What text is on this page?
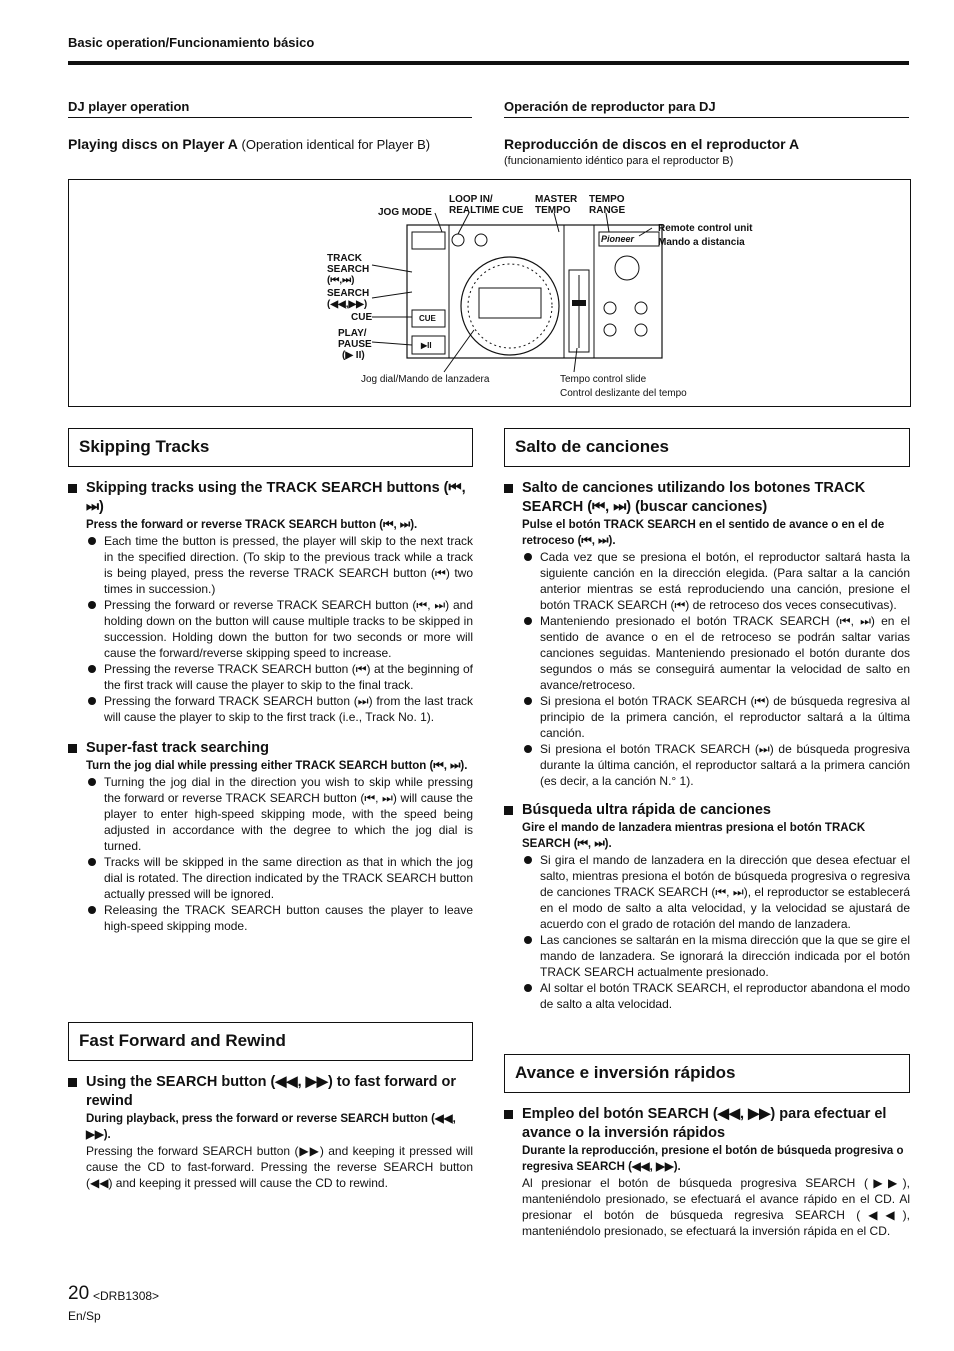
Basic operation/Funcionamiento básico
DJ player operation	Operación de reproductor para DJ
Playing discs on Player A (Operation identical for Player B)	Reproducción de discos en el reproductor A
(funcionamiento idéntico para el reproductor B)
JOG MODE
LOOP IN/
REALTIME CUE
MASTER
TEMPO
TEMPO
RANGE
Remote control unit
Mando a distancia
TRACK
SEARCH
(⏮,⏭)
SEARCH
(◀◀,▶▶)
CUE
PLAY/
PAUSE
(▶ II)
CUE
▶II
Pioneer
Jog dial/Mando de lanzadera	Tempo control slide
Control deslizante del tempo
Skipping Tracks
Skipping tracks using the TRACK SEARCH buttons (⏮, ⏭)
Press the forward or reverse TRACK SEARCH button (⏮, ⏭).
Each time the button is pressed, the player will skip to the next track in the specified direction. (To skip to the previous track while a track is being played, press the reverse TRACK SEARCH button (⏮) two times in succession.)
Pressing the forward or reverse TRACK SEARCH button (⏮, ⏭) and holding down on the button will cause multiple tracks to be skipped in succession. Holding down the button for two seconds or more will cause the forward/reverse skipping speed to increase.
Pressing the reverse TRACK SEARCH button (⏮) at the beginning of the first track will cause the player to skip to the final track.
Pressing the forward TRACK SEARCH button (⏭) from the last track will cause the player to skip to the first track (i.e., Track No. 1).
Super-fast track searching
Turn the jog dial while pressing either TRACK SEARCH button (⏮, ⏭).
Turning the jog dial in the direction you wish to skip while pressing the forward or reverse TRACK SEARCH button (⏮, ⏭) will cause the player to enter high-speed skipping mode, with the speed being adjusted in accordance with the degree to which the jog dial is turned.
Tracks will be skipped in the same direction as that in which the jog dial is rotated. The direction indicated by the TRACK SEARCH button actually pressed will be ignored.
Releasing the TRACK SEARCH button causes the player to leave high-speed skipping mode.
Fast Forward and Rewind
Using the SEARCH button (◀◀, ▶▶) to fast forward or rewind
During playback, press the forward or reverse SEARCH button (◀◀, ▶▶).
Pressing the forward SEARCH button (▶▶) and keeping it pressed will cause the CD to fast-forward. Pressing the reverse SEARCH button (◀◀) and keeping it pressed will cause the CD to rewind.
Salto de canciones
Salto de canciones utilizando los botones TRACK SEARCH (⏮, ⏭) (buscar canciones)
Pulse el botón TRACK SEARCH en el sentido de avance o en el de retroceso (⏮, ⏭).
Cada vez que se presiona el botón, el reproductor saltará hasta la siguiente canción en la dirección elegida. (Para saltar a la canción anterior mientras se está reproduciendo una canción, presione el botón TRACK SEARCH (⏮) de retroceso dos veces consecutivas).
Manteniendo presionado el botón TRACK SEARCH (⏮, ⏭) en el sentido de avance o en el de retroceso se podrán saltar varias canciones seguidas. Manteniendo presionado el botón durante dos segundos o más se conseguirá aumentar la velocidad de salto en avance/retroceso.
Si presiona el botón TRACK SEARCH (⏮) de búsqueda regresiva al principio de la primera canción, el reproductor saltará a la última canción.
Si presiona el botón TRACK SEARCH (⏭) de búsqueda progresiva durante la última canción, el reproductor saltará a la primera canción (es decir, a la canción N.° 1).
Búsqueda ultra rápida de canciones
Gire el mando de lanzadera mientras presiona el botón TRACK SEARCH (⏮, ⏭).
Si gira el mando de lanzadera en la dirección que desea efectuar el salto, mientras presiona el botón de búsqueda progresiva o regresiva de canciones TRACK SEARCH (⏮, ⏭), el reproductor se establecerá en el modo de salto a alta velocidad, y la velocidad se ajustará de acuerdo con el grado de rotación del mando de lanzadera.
Las canciones se saltarán en la misma dirección que la que se gire el mando de lanzadera. Se ignorará la dirección indicada por el botón TRACK SEARCH actualmente presionado.
Al soltar el botón TRACK SEARCH, el reproductor abandona el modo de salto a alta velocidad.
Avance e inversión rápidos
Empleo del botón SEARCH (◀◀, ▶▶) para efectuar el avance o la inversión rápidos
Durante la reproducción, presione el botón de búsqueda progresiva o regresiva SEARCH (◀◀, ▶▶).
Al presionar el botón de búsqueda progresiva SEARCH (▶▶), manteniéndolo presionado, se efectuará el avance rápido en el CD. Al presionar el botón de búsqueda regresiva SEARCH (◀◀), manteniéndolo presionado, se efectuará la inversión rápida en el CD.
20 <DRB1308>
En/Sp
